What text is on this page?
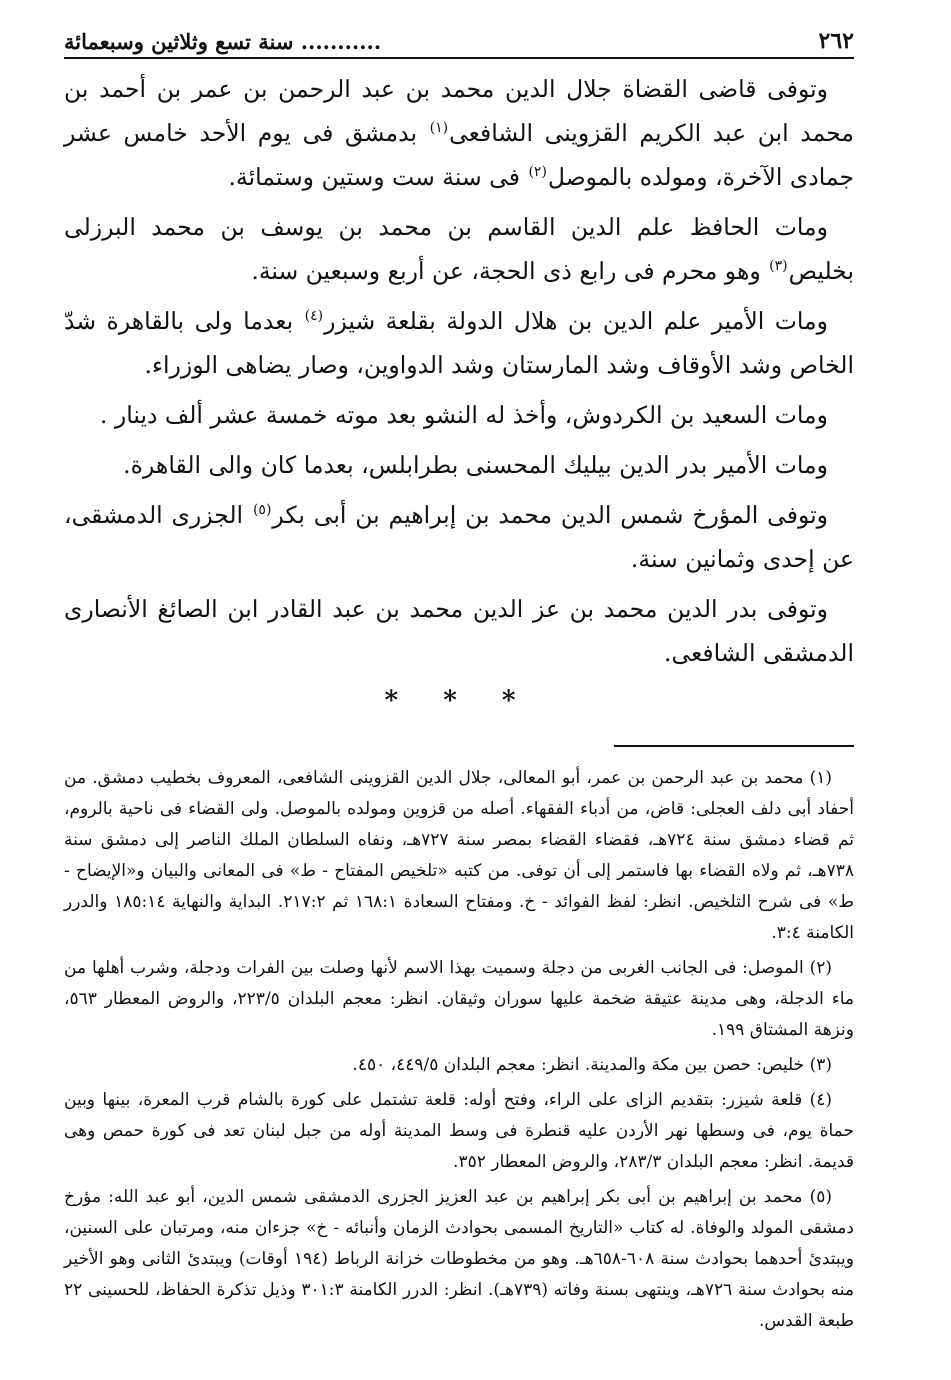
٢٦٢
........... سنة تسع وثلاثين وسبعمائة

وتوفى قاضى القضاة جلال الدين محمد بن عبد الرحمن بن عمر بن أحمد بن محمد ابن عبد الكريم القزوينى الشافعى$^{(١)}$ بدمشق فى يوم الأحد خامس عشر جمادى الآخرة، ومولده بالموصل$^{(٢)}$ فى سنة ست وستين وستمائة.

ومات الحافظ علم الدين القاسم بن محمد بن يوسف بن محمد البرزلى بخليص$^{(٣)}$ وهو محرم فى رابع ذى الحجة، عن أربع وسبعين سنة.

ومات الأمير علم الدين بن هلال الدولة بقلعة شيزر$^{(٤)}$ بعدما ولى بالقاهرة شدّ الخاص وشد الأوقاف وشد المارستان وشد الدواوين، وصار يضاهى الوزراء.

ومات السعيد بن الكردوش، وأخذ له النشو بعد موته خمسة عشر ألف دينار .

ومات الأمير بدر الدين بيليك المحسنى بطرابلس، بعدما كان والى القاهرة.

وتوفى المؤرخ شمس الدين محمد بن إبراهيم بن أبى بكر$^{(٥)}$ الجزرى الدمشقى، عن إحدى وثمانين سنة.

وتوفى بدر الدين محمد بن عز الدين محمد بن عبد القادر ابن الصائغ الأنصارى الدمشقى الشافعى.

* * *

(١) محمد بن عبد الرحمن بن عمر، أبو المعالى، جلال الدين القزوينى الشافعى، المعروف بخطيب دمشق. من أحفاد أبى دلف العجلى: قاض، من أدباء الفقهاء. أصله من قزوين ومولده بالموصل. ولى القضاء فى ناحية بالروم، ثم قضاء دمشق سنة ٧٢٤هـ، فقضاء القضاء بمصر سنة ٧٢٧هـ، ونفاه السلطان الملك الناصر إلى دمشق سنة ٧٣٨هـ، ثم ولاه القضاء بها فاستمر إلى أن توفى. من كتبه «تلخيص المفتاح - ط» فى المعانى والبيان و«الإيضاح - ط» فى شرح التلخيص. انظر: لفظ الفوائد - خ. ومفتاح السعادة ١٦٨:١ ثم ٢١٧:٢. البداية والنهاية ١٨٥:١٤ والدرر الكامنة ٣:٤.

(٢) الموصل: فى الجانب الغربى من دجلة وسميت بهذا الاسم لأنها وصلت بين الفرات ودجلة، وشرب أهلها من ماء الدجلة، وهى مدينة عتيقة ضخمة عليها سوران وثيقان. انظر: معجم البلدان ٢٢٣/٥، والروض المعطار ٥٦٣، ونزهة المشتاق ١٩٩.

(٣) خليص: حصن بين مكة والمدينة. انظر: معجم البلدان ٤٤٩/٥، ٤٥٠.

(٤) قلعة شيزر: بتقديم الزاى على الراء، وفتح أوله: قلعة تشتمل على كورة بالشام قرب المعرة، بينها وبين حماة يوم، فى وسطها نهر الأردن عليه قنطرة فى وسط المدينة أوله من جبل لبنان تعد فى كورة حمص وهى قديمة. انظر: معجم البلدان ٢٨٣/٣، والروض المعطار ٣٥٢.

(٥) محمد بن إبراهيم بن أبى بكر إبراهيم بن عبد العزيز الجزرى الدمشقى شمس الدين، أبو عبد الله: مؤرخ دمشقى المولد والوفاة. له كتاب «التاريخ المسمى بحوادث الزمان وأنبائه - خ» جزءان منه، ومرتبان على السنين، ويبتدئ أحدهما بحوادث سنة ٦٠٨-٦٥٨هـ. وهو من مخطوطات خزانة الرباط (١٩٤ أوقات) ويبتدئ الثانى وهو الأخير منه بحوادث سنة ٧٢٦هـ، وينتهى بسنة وفاته (٧٣٩هـ). انظر: الدرر الكامنة ٣٠١:٣ وذيل تذكرة الحفاظ، للحسينى ٢٢ طبعة القدس.
